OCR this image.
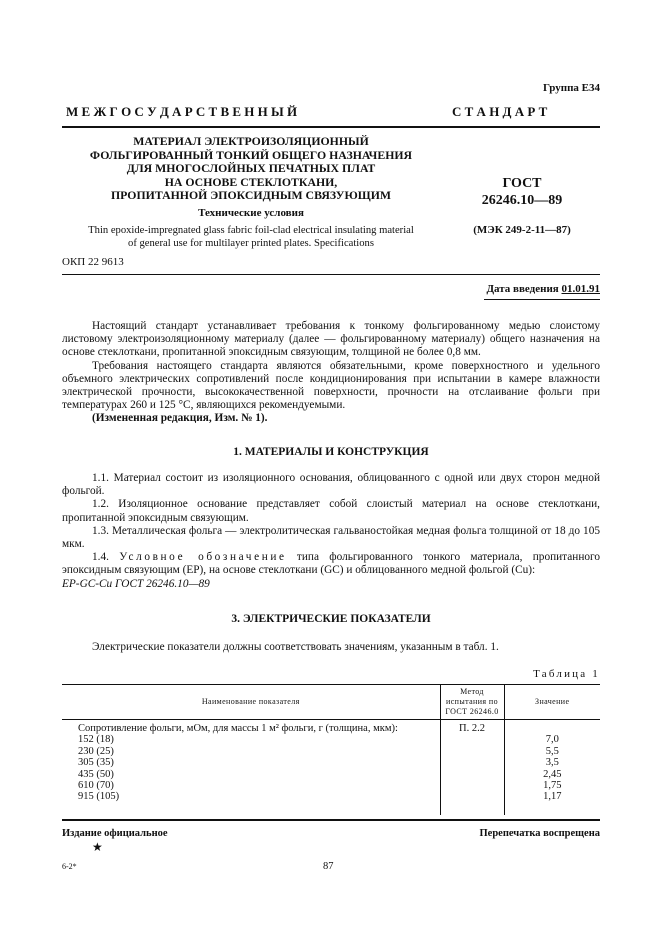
Группа Е34
М Е Ж Г О С У Д А Р С Т В Е Н Н Ы Й	С Т А Н Д А Р Т
МАТЕРИАЛ ЭЛЕКТРОИЗОЛЯЦИОННЫЙ
ФОЛЬГИРОВАННЫЙ ТОНКИЙ ОБЩЕГО НАЗНАЧЕНИЯ
ДЛЯ МНОГОСЛОЙНЫХ ПЕЧАТНЫХ ПЛАТ
НА ОСНОВЕ СТЕКЛОТКАНИ,
ПРОПИТАННОЙ ЭПОКСИДНЫМ СВЯЗУЮЩИМ
Технические условия
Thin epoxide-impregnated glass fabric foil-clad electrical insulating material
of general use for multilayer printed plates. Specifications
ОКП 22 9613
ГОСТ
26246.10—89
(МЭК 249-2-11—87)
Дата введения 01.01.91

Настоящий стандарт устанавливает требования к тонкому фольгированному медью слоистому листовому электроизоляционному материалу (далее — фольгированному материалу) общего назначения на основе стеклоткани, пропитанной эпоксидным связующим, толщиной не более 0,8 мм.

Требования настоящего стандарта являются обязательными, кроме поверхностного и удельного объемного электрических сопротивлений после кондиционирования при испытании в камере влажности электрической прочности, высококачественной поверхности, прочности на отслаивание фольги при температурах 260 и 125 °С, являющихся рекомендуемыми.

(Измененная редакция, Изм. № 1).

1. МАТЕРИАЛЫ И КОНСТРУКЦИЯ

1.1. Материал состоит из изоляционного основания, облицованного с одной или двух сторон медной фольгой.

1.2. Изоляционное основание представляет собой слоистый материал на основе стеклоткани, пропитанной эпоксидным связующим.

1.3. Металлическая фольга — электролитическая гальваностойкая медная фольга толщиной от 18 до 105 мкм.

1.4. Условное обозначение типа фольгированного тонкого материала, пропитанного эпоксидным связующим (ЕР), на основе стеклоткани (GC) и облицованного медной фольгой (Cu):

EP-GC-Cu ГОСТ 26246.10—89

3. ЭЛЕКТРИЧЕСКИЕ ПОКАЗАТЕЛИ

Электрические показатели должны соответствовать значениям, указанным в табл. 1.

Таблица 1
Наименование показателя	Метод испытания по ГОСТ 26246.0	Значение
Сопротивление фольги, мОм, для массы 1 м² фольги, г (толщина, мкм):	П. 2.2	
152 (18)		7,0
230 (25)		5,5
305 (35)		3,5
435 (50)		2,45
610 (70)		1,75
915 (105)		1,17
Издание официальное
★
Перепечатка воспрещена
6-2*	87
